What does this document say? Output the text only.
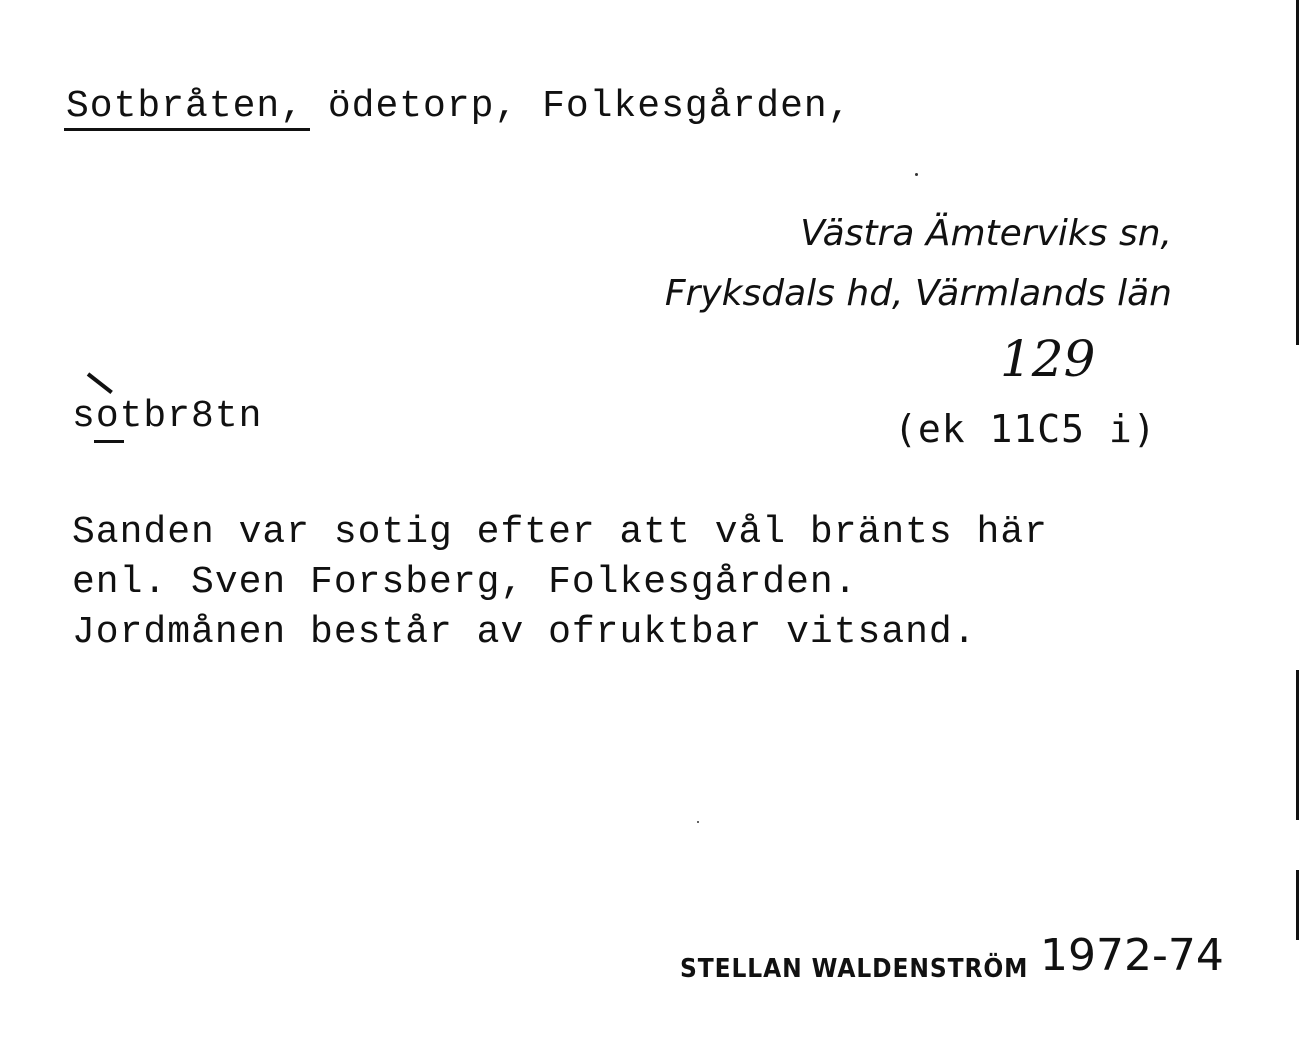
Sotbråten, ödetorp, Folkesgården,
Västra Ämterviks sn,
Fryksdals hd, Värmlands län
129
sotbr8tn	(ek 11C5 i)
Sanden var sotig efter att vål bränts här
enl. Sven Forsberg, Folkesgården.
Jordmånen består av ofruktbar vitsand.
STELLAN WALDENSTRÖM 1972-74
